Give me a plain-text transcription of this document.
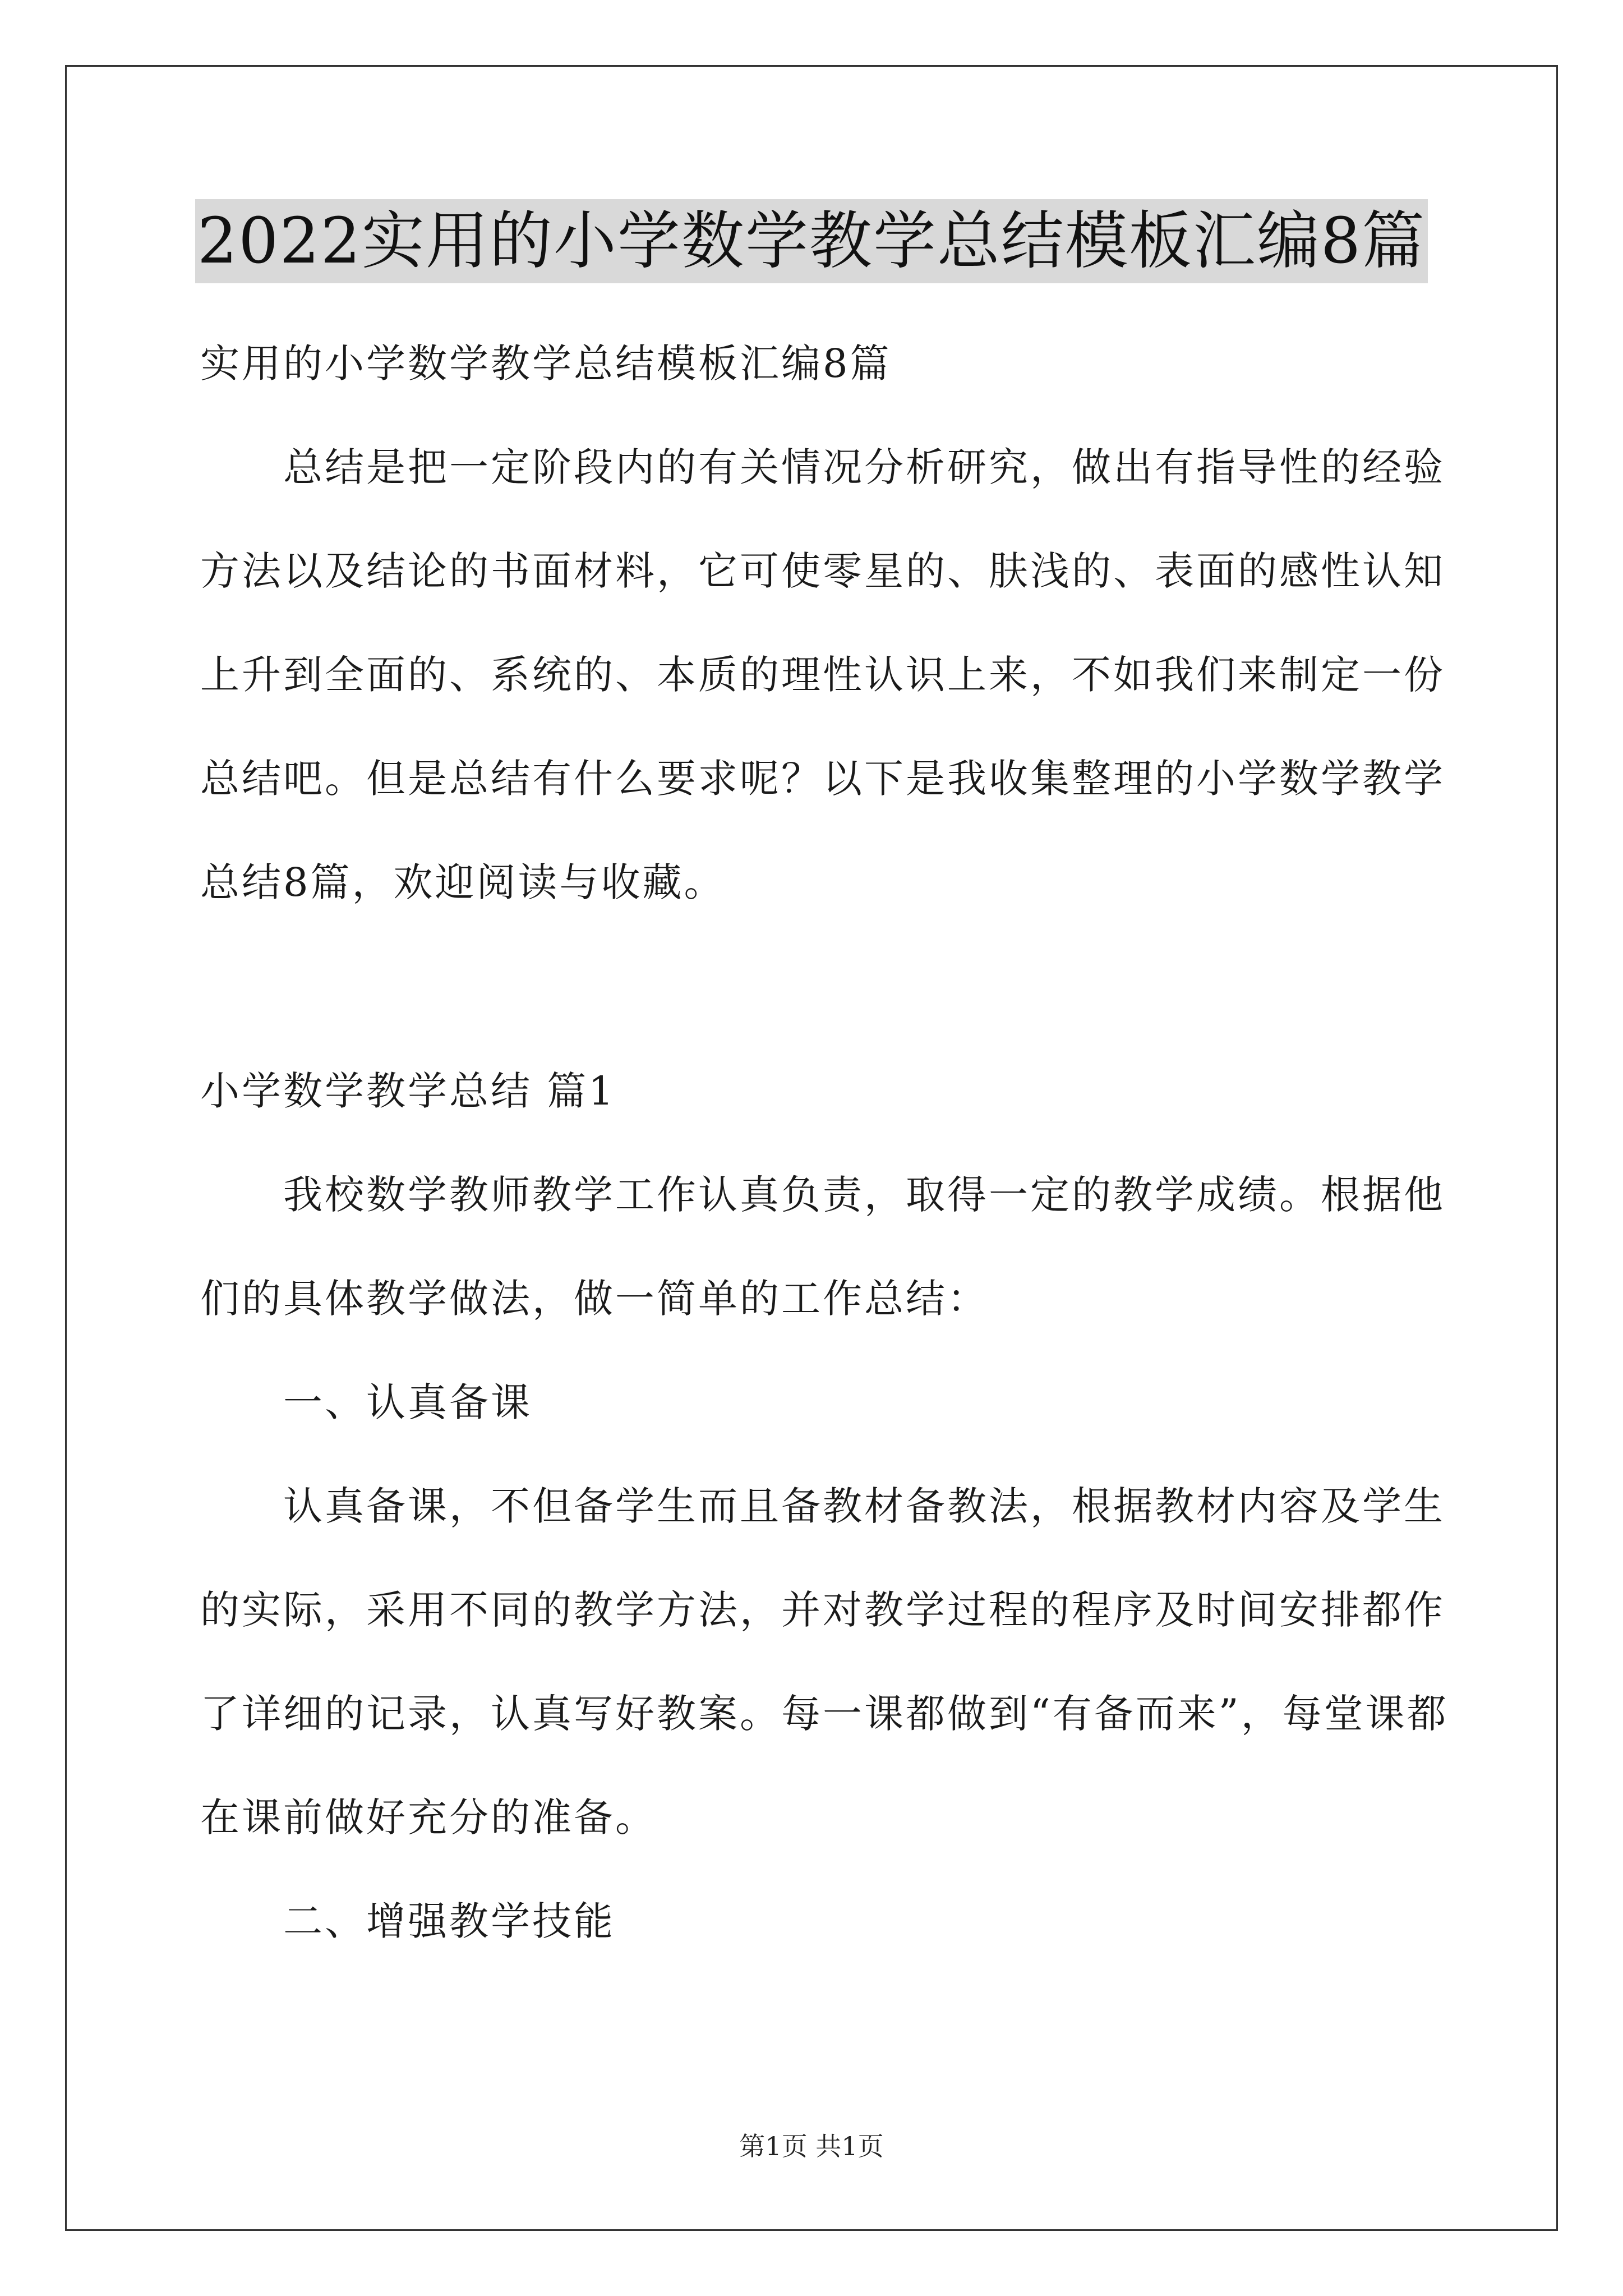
2022实用的小学数学教学总结模板汇编8篇
实用的小学数学教学总结模板汇编8篇
总结是把一定阶段内的有关情况分析研究，做出有指导性的经验
方法以及结论的书面材料，它可使零星的、肤浅的、表面的感性认知
上升到全面的、系统的、本质的理性认识上来，不如我们来制定一份
总结吧。但是总结有什么要求呢？以下是我收集整理的小学数学教学
总结8篇，欢迎阅读与收藏。
小学数学教学总结 篇1
我校数学教师教学工作认真负责，取得一定的教学成绩。根据他
们的具体教学做法，做一简单的工作总结：
一、认真备课
认真备课，不但备学生而且备教材备教法，根据教材内容及学生
的实际，采用不同的教学方法，并对教学过程的程序及时间安排都作
了详细的记录，认真写好教案。每一课都做到“有备而来”，每堂课都
在课前做好充分的准备。
二、增强教学技能
第1页 共1页
